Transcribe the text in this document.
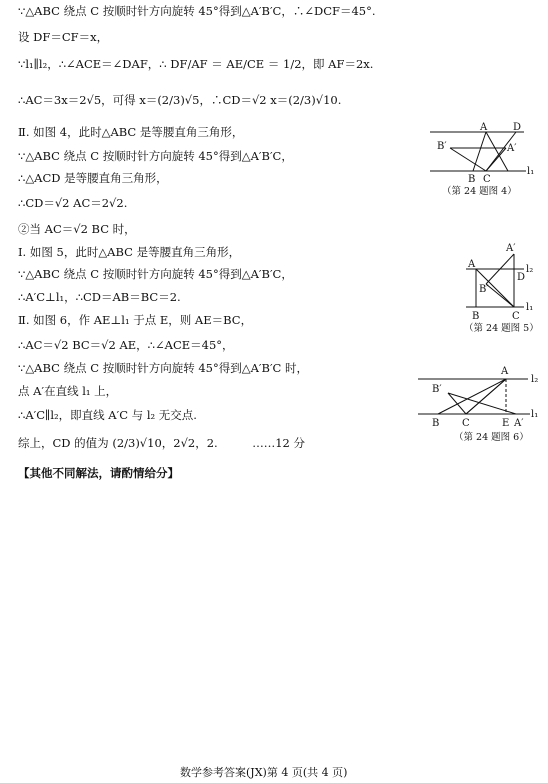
∵△ABC 绕点 C 按顺时针方向旋转 45°得到△A′B′C，∴∠DCF＝45°.
设 DF＝CF＝x，
∵l₁∥l₂，∴∠ACE＝∠DAF，∴ DF/AF ＝ AE/CE ＝ 1/2，即 AF＝2x.
∴AC＝3x＝2√5，可得 x＝(2/3)√5，∴CD＝√2 x＝(2/3)√10.
Ⅱ. 如图 4，此时△ABC 是等腰直角三角形，
∵△ABC 绕点 C 按顺时针方向旋转 45°得到△A′B′C，
∴△ACD 是等腰直角三角形，
∴CD＝√2 AC＝2√2.
②当 AC＝√2 BC 时，
Ⅰ. 如图 5，此时△ABC 是等腰直角三角形，
∵△ABC 绕点 C 按顺时针方向旋转 45°得到△A′B′C，
∴A′C⊥l₁，∴CD＝AB＝BC＝2.
Ⅱ. 如图 6，作 AE⊥l₁ 于点 E，则 AE＝BC，
∴AC＝√2 BC＝√2 AE，∴∠ACE＝45°，
∵△ABC 绕点 C 按顺时针方向旋转 45°得到△A′B′C 时，
点 A′在直线 l₁ 上，
∴A′C∥l₂，即直线 A′C 与 l₂ 无交点.
综上，CD 的值为 (2/3)√10，2√2，2.　　　……12 分
【其他不同解法，请酌情给分】
A	D
B′	A′
l₁
B C
（第 24 题图 4）
A′
A	l₂
D
B′
l₁
B	C
（第 24 题图 5）
A
l₂
B′
l₁
B C	E A′
（第 24 题图 6）
数学参考答案(JX)第 4 页(共 4 页)
